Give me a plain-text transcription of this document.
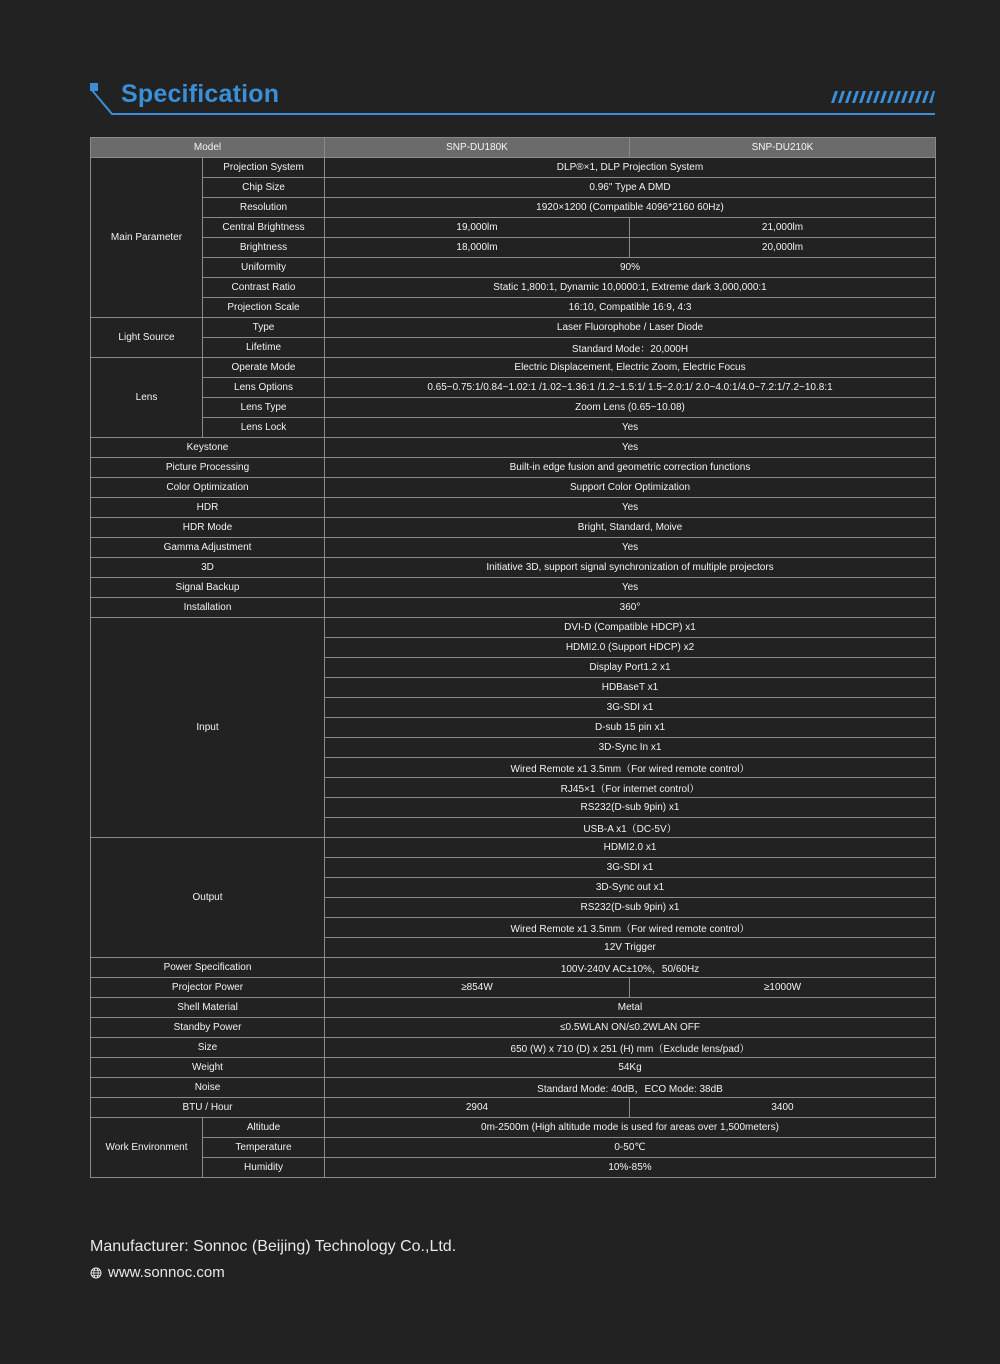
Specification
Model		SNP-DU180K	SNP-DU210K
Main Parameter	Projection System	DLP®×1, DLP Projection System	
	Chip Size	0.96" Type A DMD	
	Resolution	1920×1200 (Compatible 4096*2160 60Hz)	
	Central Brightness	19,000lm	21,000lm
	Brightness	18,000lm	20,000lm
	Uniformity	90%	
	Contrast Ratio	Static 1,800:1, Dynamic 10,0000:1, Extreme dark 3,000,000:1	
	Projection Scale	16:10, Compatible 16:9, 4:3	
Light Source	Type	Laser Fluorophobe / Laser Diode	
	Lifetime	Standard Mode：20,000H	
Lens	Operate Mode	Electric Displacement, Electric Zoom, Electric Focus	
	Lens Options	0.65~0.75:1/0.84~1.02:1 /1.02~1.36:1 /1.2~1.5:1/ 1.5~2.0:1/ 2.0~4.0:1/4.0~7.2:1/7.2~10.8:1	
	Lens Type	Zoom Lens (0.65~10.08)	
	Lens Lock	Yes	
Keystone		Yes	
Picture Processing		Built-in edge fusion and geometric correction functions	
Color Optimization		Support Color Optimization	
HDR		Yes	
HDR Mode		Bright, Standard, Moive	
Gamma Adjustment		Yes	
3D		Initiative 3D, support signal synchronization of multiple projectors	
Signal Backup		Yes	
Installation		360°	
Input		DVI-D (Compatible HDCP) x1	
		HDMI2.0 (Support HDCP) x2	
		Display Port1.2 x1	
		HDBaseT x1	
		3G-SDI x1	
		D-sub 15 pin x1	
		3D-Sync In x1	
		Wired Remote x1 3.5mm（For wired remote control）	
		RJ45×1（For internet control）	
		RS232(D-sub 9pin) x1	
		USB-A x1（DC-5V）	
Output		HDMI2.0 x1	
		3G-SDI x1	
		3D-Sync out x1	
		RS232(D-sub 9pin) x1	
		Wired Remote x1 3.5mm（For wired remote control）	
		12V Trigger	
Power Specification		100V-240V AC±10%，50/60Hz	
Projector Power		≥854W	≥1000W
Shell Material		Metal	
Standby Power		≤0.5WLAN ON/≤0.2WLAN OFF	
Size		650 (W) x 710 (D) x 251 (H) mm（Exclude lens/pad）	
Weight		54Kg	
Noise		Standard Mode: 40dB，ECO Mode: 38dB	
BTU / Hour		2904	3400
Work Environment	Altitude	0m-2500m (High altitude mode is used for areas over 1,500meters)	
	Temperature	0-50℃	
	Humidity	10%-85%	
Manufacturer: Sonnoc (Beijing) Technology Co.,Ltd.
www.sonnoc.com
